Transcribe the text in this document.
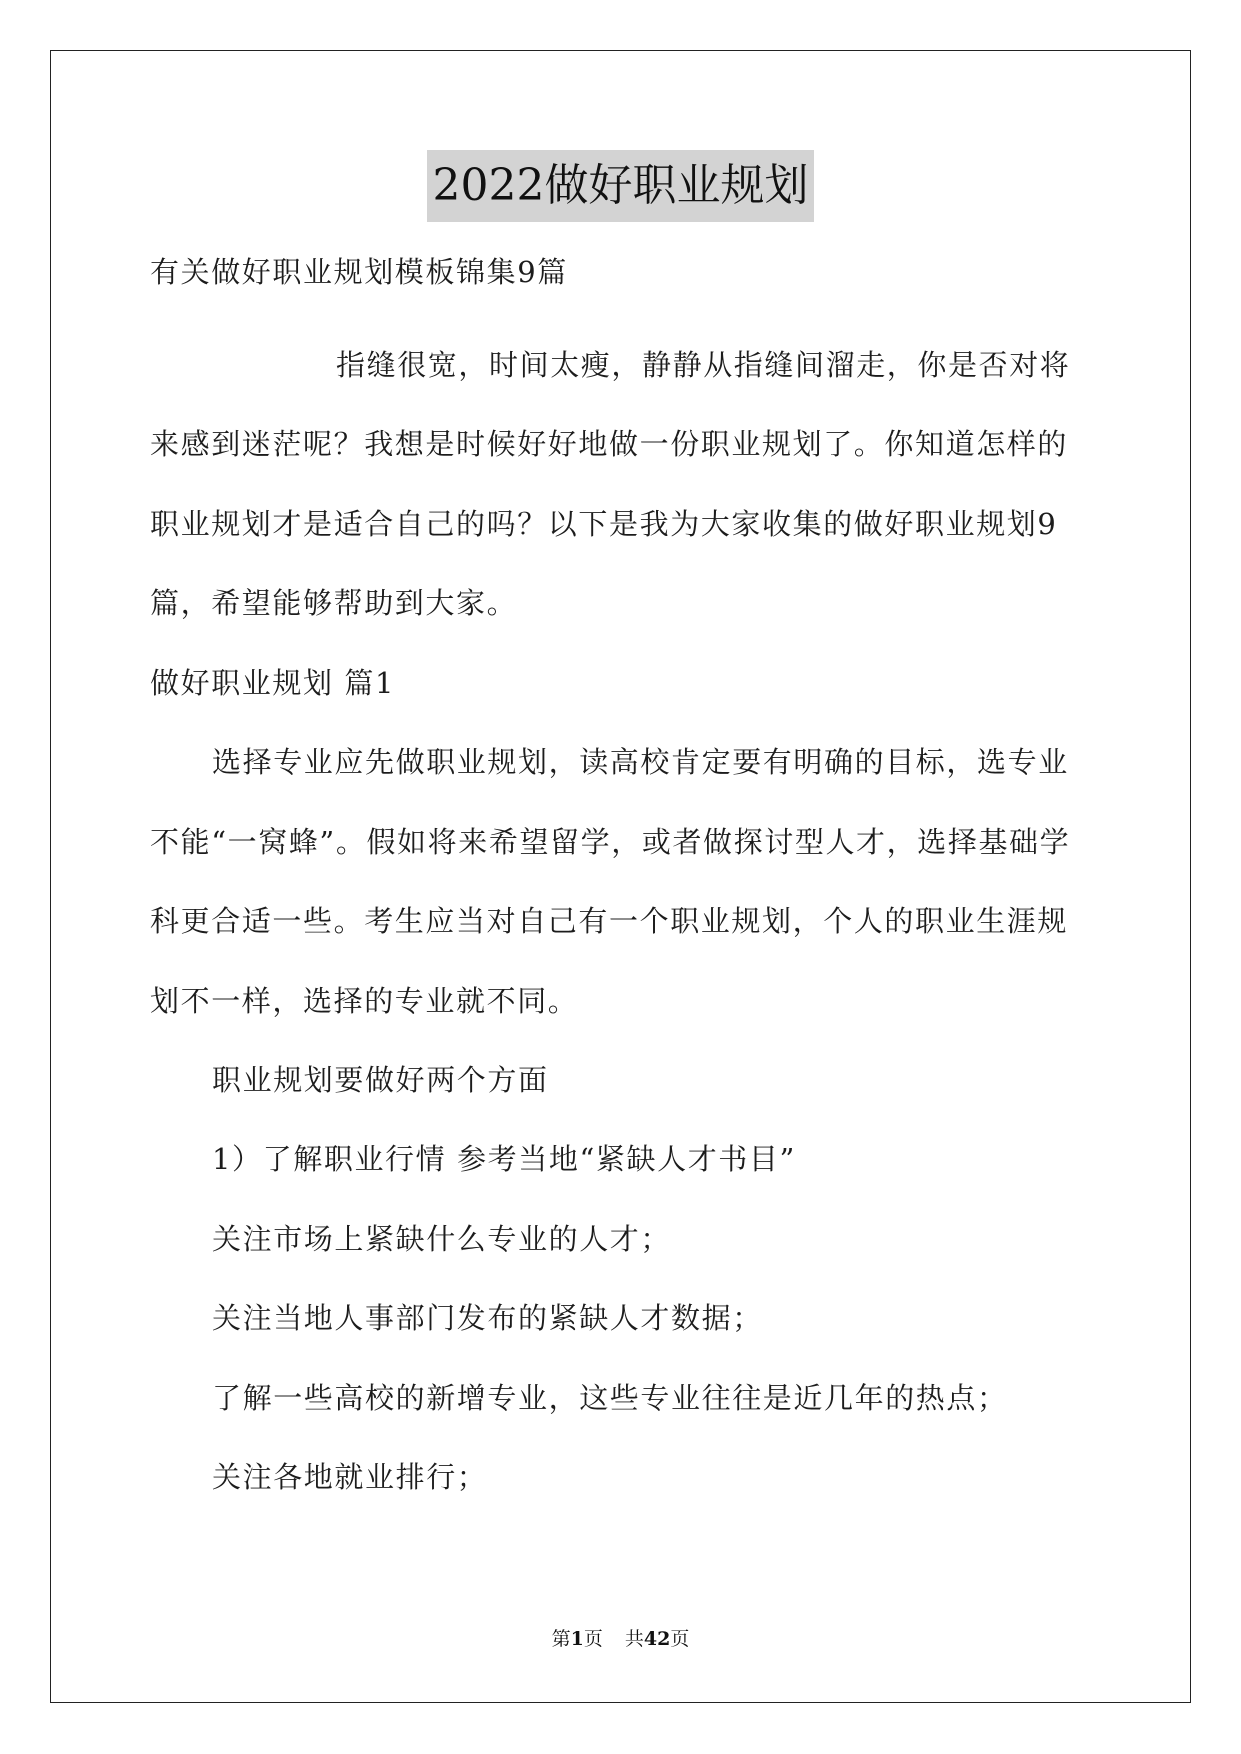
2022做好职业规划
有关做好职业规划模板锦集9篇
指缝很宽，时间太瘦，静静从指缝间溜走，你是否对将
来感到迷茫呢？我想是时候好好地做一份职业规划了。你知道怎样的
职业规划才是适合自己的吗？以下是我为大家收集的做好职业规划9
篇，希望能够帮助到大家。
做好职业规划 篇1
选择专业应先做职业规划，读高校肯定要有明确的目标，选专业
不能“一窝蜂”。假如将来希望留学，或者做探讨型人才，选择基础学
科更合适一些。考生应当对自己有一个职业规划，个人的职业生涯规
划不一样，选择的专业就不同。
职业规划要做好两个方面
1）了解职业行情 参考当地“紧缺人才书目”
关注市场上紧缺什么专业的人才；
关注当地人事部门发布的紧缺人才数据；
了解一些高校的新增专业，这些专业往往是近几年的热点；
关注各地就业排行；
第1页 共42页
